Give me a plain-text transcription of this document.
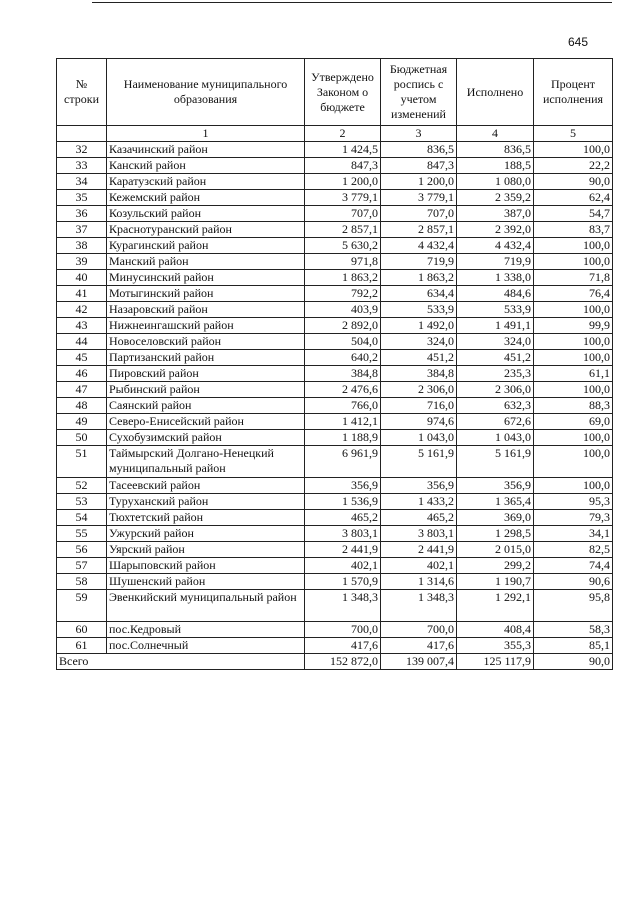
645
№ строки	Наименование муниципального образования	Утверждено Законом о бюджете	Бюджетная роспись с учетом изменений	Исполнено	Процент исполнения
	1	2	3	4	5
32	Казачинский район	1 424,5	836,5	836,5	100,0
33	Канский район	847,3	847,3	188,5	22,2
34	Каратузский район	1 200,0	1 200,0	1 080,0	90,0
35	Кежемский район	3 779,1	3 779,1	2 359,2	62,4
36	Козульский район	707,0	707,0	387,0	54,7
37	Краснотуранский район	2 857,1	2 857,1	2 392,0	83,7
38	Курагинский район	5 630,2	4 432,4	4 432,4	100,0
39	Манский район	971,8	719,9	719,9	100,0
40	Минусинский район	1 863,2	1 863,2	1 338,0	71,8
41	Мотыгинский район	792,2	634,4	484,6	76,4
42	Назаровский район	403,9	533,9	533,9	100,0
43	Нижнеингашский район	2 892,0	1 492,0	1 491,1	99,9
44	Новоселовский район	504,0	324,0	324,0	100,0
45	Партизанский район	640,2	451,2	451,2	100,0
46	Пировский район	384,8	384,8	235,3	61,1
47	Рыбинский район	2 476,6	2 306,0	2 306,0	100,0
48	Саянский район	766,0	716,0	632,3	88,3
49	Северо-Енисейский район	1 412,1	974,6	672,6	69,0
50	Сухобузимский район	1 188,9	1 043,0	1 043,0	100,0
51	Таймырский Долгано-Ненецкий муниципальный район	6 961,9	5 161,9	5 161,9	100,0
52	Тасеевский район	356,9	356,9	356,9	100,0
53	Туруханский район	1 536,9	1 433,2	1 365,4	95,3
54	Тюхтетский район	465,2	465,2	369,0	79,3
55	Ужурский район	3 803,1	3 803,1	1 298,5	34,1
56	Уярский район	2 441,9	2 441,9	2 015,0	82,5
57	Шарыповский район	402,1	402,1	299,2	74,4
58	Шушенский район	1 570,9	1 314,6	1 190,7	90,6
59	Эвенкийский муниципальный район	1 348,3	1 348,3	1 292,1	95,8
60	пос.Кедровый	700,0	700,0	408,4	58,3
61	пос.Солнечный	417,6	417,6	355,3	85,1
Всего		152 872,0	139 007,4	125 117,9	90,0
